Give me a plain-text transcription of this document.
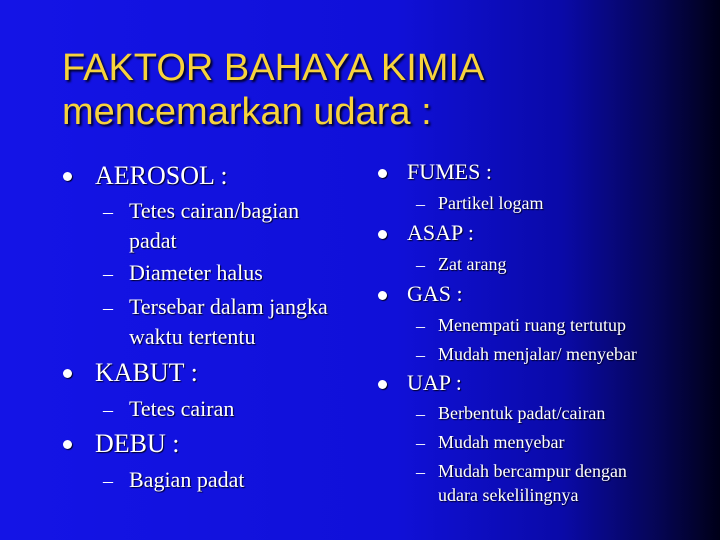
FAKTOR BAHAYA KIMIA
mencemarkan udara :
AEROSOL :
– Tetes cairan/bagian
padat
– Diameter halus
– Tersebar dalam jangka
waktu tertentu
KABUT :
– Tetes cairan
DEBU :
– Bagian padat
FUMES :
– Partikel logam
ASAP :
– Zat arang
GAS :
– Menempati ruang tertutup
– Mudah menjalar/ menyebar
UAP :
– Berbentuk padat/cairan
– Mudah menyebar
– Mudah bercampur dengan
udara sekelilingnya
